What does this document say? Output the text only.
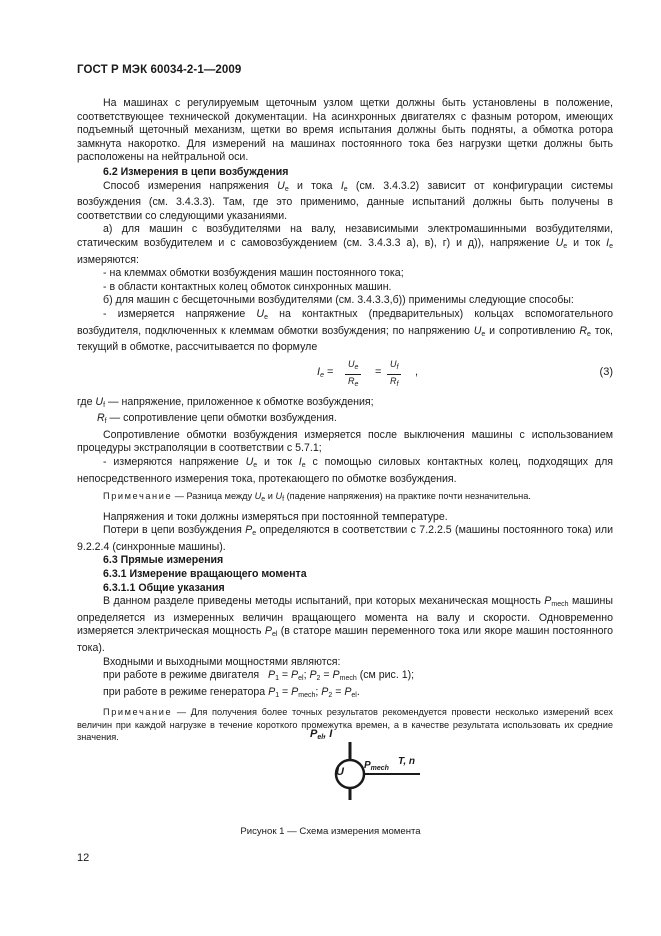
ГОСТ Р МЭК 60034-2-1—2009

На машинах с регулируемым щеточным узлом щетки должны быть установлены в положение, соответствующее технической документации. На асинхронных двигателях с фазным ротором, имеющих подъемный щеточный механизм, щетки во время испытания должны быть подняты, а обмотка ротора замкнута накоротко. Для измерений на машинах постоянного тока без нагрузки щетки должны быть расположены на нейтральной оси.

6.2 Измерения в цепи возбуждения

Способ измерения напряжения $U_e$ и тока $I_e$ (см. 3.4.3.2) зависит от конфигурации системы возбуждения (см. 3.4.3.3). Там, где это применимо, данные испытаний должны быть получены в соответствии со следующими указаниями.

а) для машин с возбудителями на валу, независимыми электромашинными возбудителями, статическим возбудителем и с самовозбуждением (см. 3.4.3.3 а), в), г) и д)), напряжение $U_e$ и ток $I_e$ измеряются:

- на клеммах обмотки возбуждения машин постоянного тока;

- в области контактных колец обмоток синхронных машин.

б) для машин с бесщеточными возбудителями (см. 3.4.3.3,б)) применимы следующие способы:

- измеряется напряжение $U_e$ на контактных (предварительных) кольцах вспомогательного возбудителя, подключенных к клеммам обмотки возбуждения; по напряжению $U_e$ и сопротивлению $R_e$ ток, текущий в обмотке, рассчитывается по формуле

$I_e = \frac{U_e}{R_e} = \frac{U_f}{R_f}$ ,	(3)

где $U_f$ — напряжение, приложенное к обмотке возбуждения;

$R_f$ — сопротивление цепи обмотки возбуждения.

Сопротивление обмотки возбуждения измеряется после выключения машины с использованием процедуры экстраполяции в соответствии с 5.7.1;

- измеряются напряжение $U_e$ и ток $I_e$ с помощью силовых контактных колец, подходящих для непосредственного измерения тока, протекающего по обмотке возбуждения.

Примечание — Разница между $U_e$ и $U_f$ (падение напряжения) на практике почти незначительна.

Напряжения и токи должны измеряться при постоянной температуре.

Потери в цепи возбуждения $P_e$ определяются в соответствии с 7.2.2.5 (машины постоянного тока) или 9.2.2.4 (синхронные машины).

6.3 Прямые измерения

6.3.1 Измерение вращающего момента

6.3.1.1 Общие указания

В данном разделе приведены методы испытаний, при которых механическая мощность $P_{mech}$ машины определяется из измеренных величин вращающего момента на валу и скорости. Одновременно измеряется электрическая мощность $P_{el}$ (в статоре машин переменного тока или якоре машин постоянного тока).

Входными и выходными мощностями являются:

при работе в режиме двигателя $P_1 = P_{el}$; $P_2 = P_{mech}$ (см рис. 1);

при работе в режиме генератора $P_1 = P_{mech}$; $P_2 = P_{el}$.

Примечание — Для получения более точных результатов рекомендуется провести несколько измерений всех величин при каждой нагрузке в течение короткого промежутка времен, а в качестве результата использовать их средние значения.	$P_{el}$, I
U
$P_{mech}$
T, n
Рисунок 1 — Схема измерения момента
12
